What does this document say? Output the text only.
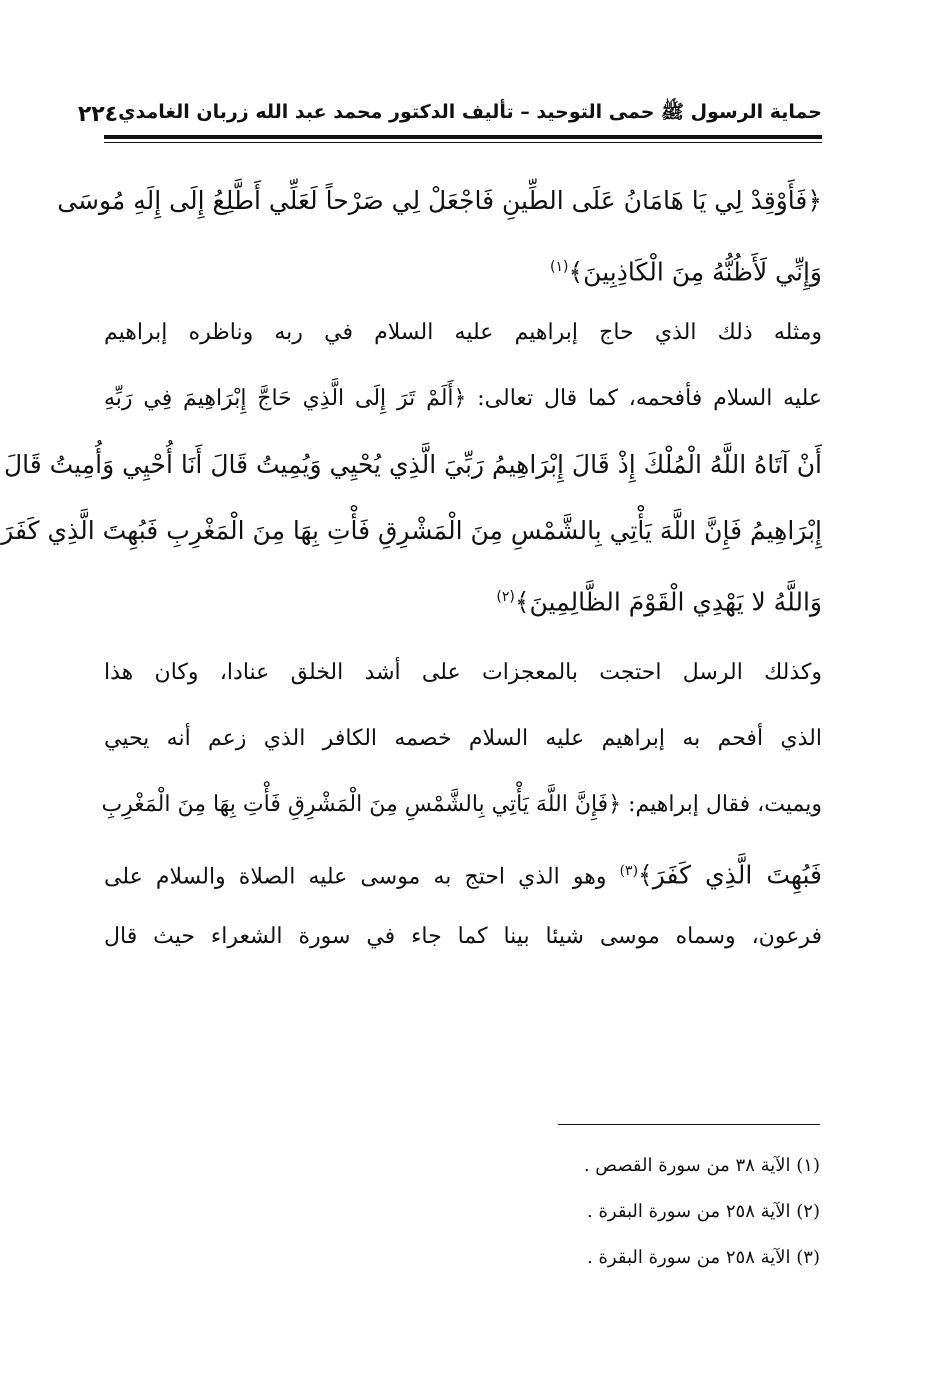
حماية الرسول ﷺ حمى التوحيد – تأليف الدكتور محمد عبد الله زربان الغامدي
٢٢٤
﴿فَأَوْقِدْ لِي يَا هَامَانُ عَلَى الطِّينِ فَاجْعَلْ لِي صَرْحاً لَعَلِّي أَطَّلِعُ إِلَى إِلَهِ مُوسَى
وَإِنِّي لَأَظُنُّهُ مِنَ الْكَاذِبِينَ﴾$^{(١)}$
ومثله ذلك الذي حاج إبراهيم عليه السلام في ربه وناظره إبراهيم
عليه السلام فأفحمه، كما قال تعالى: ﴿أَلَمْ تَرَ إِلَى الَّذِي حَاجَّ إِبْرَاهِيمَ فِي رَبِّهِ
أَنْ آتَاهُ اللَّهُ الْمُلْكَ إِذْ قَالَ إِبْرَاهِيمُ رَبِّيَ الَّذِي يُحْيِي وَيُمِيتُ قَالَ أَنَا أُحْيِي وَأُمِيتُ قَالَ
إِبْرَاهِيمُ فَإِنَّ اللَّهَ يَأْتِي بِالشَّمْسِ مِنَ الْمَشْرِقِ فَأْتِ بِهَا مِنَ الْمَغْرِبِ فَبُهِتَ الَّذِي كَفَرَ
وَاللَّهُ لا يَهْدِي الْقَوْمَ الظَّالِمِينَ﴾$^{(٢)}$
وكذلك الرسل احتجت بالمعجزات على أشد الخلق عنادا، وكان هذا
الذي أفحم به إبراهيم عليه السلام خصمه الكافر الذي زعم أنه يحيي
ويميت، فقال إبراهيم: ﴿فَإِنَّ اللَّهَ يَأْتِي بِالشَّمْسِ مِنَ الْمَشْرِقِ فَأْتِ بِهَا مِنَ الْمَغْرِبِ
فَبُهِتَ الَّذِي كَفَرَ﴾$^{(٣)}$ وهو الذي احتج به موسى عليه الصلاة والسلام على
فرعون، وسماه موسى شيئا بينا كما جاء في سورة الشعراء حيث قال
(١) الآية ٣٨ من سورة القصص .
(٢) الآية ٢٥٨ من سورة البقرة .
(٣) الآية ٢٥٨ من سورة البقرة .
